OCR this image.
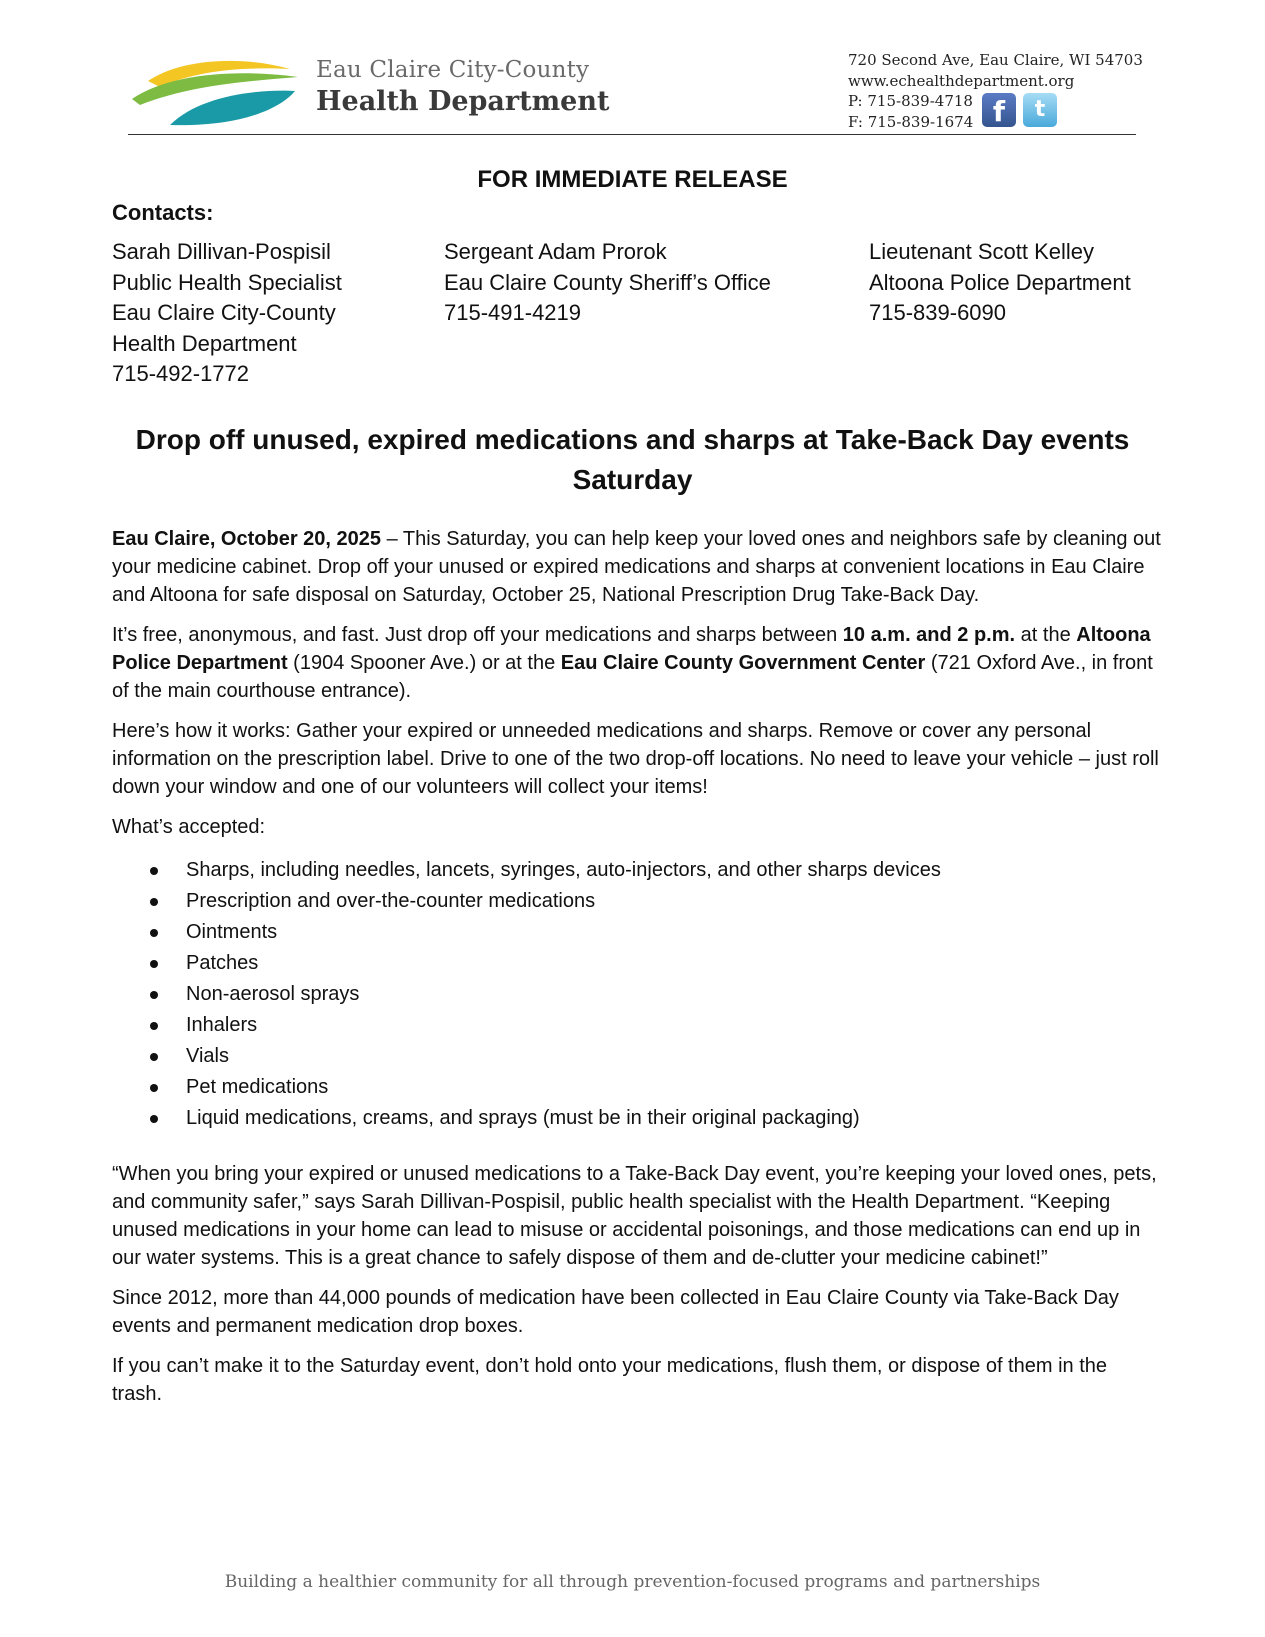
Eau Claire City-County
Health Department
720 Second Ave, Eau Claire, WI 54703
www.echealthdepartment.org
P: 715-839-4718
F: 715-839-1674 f	t
FOR IMMEDIATE RELEASE
Contacts:
Sarah Dillivan-Pospisil
Public Health Specialist
Eau Claire City-County
Health Department
715-492-1772
Sergeant Adam Prorok
Eau Claire County Sheriff’s Office
715-491-4219
Lieutenant Scott Kelley
Altoona Police Department
715-839-6090
Drop off unused, expired medications and sharps at Take-Back Day events Saturday

Eau Claire, October 20, 2025 – This Saturday, you can help keep your loved ones and neighbors safe by cleaning out your medicine cabinet. Drop off your unused or expired medications and sharps at convenient locations in Eau Claire and Altoona for safe disposal on Saturday, October 25, National Prescription Drug Take-Back Day.

It’s free, anonymous, and fast. Just drop off your medications and sharps between 10 a.m. and 2 p.m. at the Altoona Police Department (1904 Spooner Ave.) or at the Eau Claire County Government Center (721 Oxford Ave., in front of the main courthouse entrance).

Here’s how it works: Gather your expired or unneeded medications and sharps. Remove or cover any personal information on the prescription label. Drive to one of the two drop-off locations. No need to leave your vehicle – just roll down your window and one of our volunteers will collect your items!

What’s accepted:

Sharps, including needles, lancets, syringes, auto-injectors, and other sharps devices
Prescription and over-the-counter medications
Ointments
Patches
Non-aerosol sprays
Inhalers
Vials
Pet medications
Liquid medications, creams, and sprays (must be in their original packaging)

“When you bring your expired or unused medications to a Take-Back Day event, you’re keeping your loved ones, pets, and community safer,” says Sarah Dillivan-Pospisil, public health specialist with the Health Department. “Keeping unused medications in your home can lead to misuse or accidental poisonings, and those medications can end up in our water systems. This is a great chance to safely dispose of them and de-clutter your medicine cabinet!”

Since 2012, more than 44,000 pounds of medication have been collected in Eau Claire County via Take-Back Day events and permanent medication drop boxes.

If you can’t make it to the Saturday event, don’t hold onto your medications, flush them, or dispose of them in the trash.

Building a healthier community for all through prevention-focused programs and partnerships
